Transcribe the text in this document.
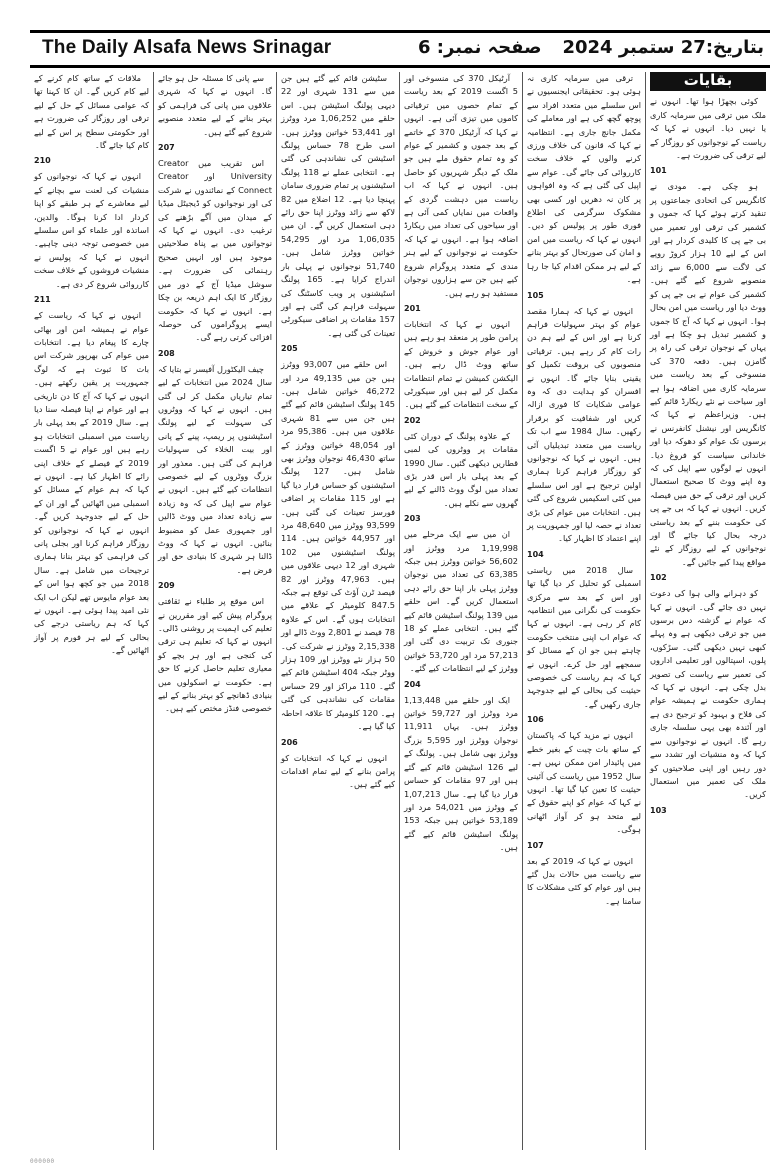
The Daily Alsafa News Srinagar	صفحہ نمبر: 6 بتاریخ:27 ستمبر 2024
بقایات

کوئی بچھڑا ہوا تھا۔ انہوں نے ملک میں ترقی میں سرمایہ کاری یا نہیں دیا۔ انہوں نے کہا کہ ریاست کے نوجوانوں کو روزگار کے لیے ترقی کی ضرورت ہے۔

101

ہو چکی ہے۔ مودی نے کانگریس کی اتحادی جماعتوں پر تنقید کرتے ہوئے کہا کہ جموں و کشمیر کی ترقی اور تعمیر میں بی جے پی کا کلیدی کردار ہے اور اس کے لیے 10 ہزار کروڑ روپے کی لاگت سے 6,000 سے زائد منصوبے شروع کیے گئے ہیں۔ کشمیر کی عوام نے بی جے پی کو ووٹ دیا اور ریاست میں امن بحال ہوا۔ انہوں نے کہا کہ آج کا جموں و کشمیر تبدیل ہو چکا ہے اور یہاں کے نوجوان ترقی کی راہ پر گامزن ہیں۔ دفعہ 370 کی منسوخی کے بعد ریاست میں سرمایہ کاری میں اضافہ ہوا ہے اور سیاحت نے نئے ریکارڈ قائم کیے ہیں۔ وزیراعظم نے کہا کہ کانگریس اور نیشنل کانفرنس نے برسوں تک عوام کو دھوکہ دیا اور خاندانی سیاست کو فروغ دیا۔ انہوں نے لوگوں سے اپیل کی کہ وہ اپنے ووٹ کا صحیح استعمال کریں اور ترقی کے حق میں فیصلہ کریں۔ انہوں نے کہا کہ بی جے پی کی حکومت بننے کے بعد ریاستی درجہ بحال کیا جائے گا اور نوجوانوں کے لیے روزگار کے نئے مواقع پیدا کیے جائیں گے۔

102

کو دہرانے والی ہوا کی دعوت نہیں دی جائے گی۔ انہوں نے کہا کہ عوام نے گزشتہ دس برسوں میں جو ترقی دیکھی ہے وہ پہلے کبھی نہیں دیکھی گئی۔ سڑکوں، پلوں، اسپتالوں اور تعلیمی اداروں کی تعمیر سے ریاست کی تصویر بدل چکی ہے۔ انہوں نے کہا کہ ہماری حکومت نے ہمیشہ عوام کی فلاح و بہبود کو ترجیح دی ہے اور آئندہ بھی یہی سلسلہ جاری رہے گا۔ انہوں نے نوجوانوں سے کہا کہ وہ منشیات اور تشدد سے دور رہیں اور اپنی صلاحیتوں کو ملک کی تعمیر میں استعمال کریں۔

103

ترقی میں سرمایہ کاری نہ ہوئی ہو۔ تحقیقاتی ایجنسیوں نے اس سلسلے میں متعدد افراد سے پوچھ گچھ کی ہے اور معاملے کی مکمل جانچ جاری ہے۔ انتظامیہ نے کہا کہ قانون کی خلاف ورزی کرنے والوں کے خلاف سخت کارروائی کی جائے گی۔ عوام سے اپیل کی گئی ہے کہ وہ افواہوں پر کان نہ دھریں اور کسی بھی مشکوک سرگرمی کی اطلاع فوری طور پر پولیس کو دیں۔ انہوں نے کہا کہ ریاست میں امن و امان کی صورتحال کو بہتر بنانے کے لیے ہر ممکن اقدام کیا جا رہا ہے۔

105

انہوں نے کہا کہ ہمارا مقصد عوام کو بہتر سہولیات فراہم کرنا ہے اور اس کے لیے ہم دن رات کام کر رہے ہیں۔ ترقیاتی منصوبوں کی بروقت تکمیل کو یقینی بنایا جائے گا۔ انہوں نے افسران کو ہدایت دی کہ وہ عوامی شکایات کا فوری ازالہ کریں اور شفافیت کو برقرار رکھیں۔ سال 1984 سے اب تک ریاست میں متعدد تبدیلیاں آئی ہیں۔ انہوں نے کہا کہ نوجوانوں کو روزگار فراہم کرنا ہماری اولین ترجیح ہے اور اس سلسلے میں کئی اسکیمیں شروع کی گئی ہیں۔ انتخابات میں عوام کی بڑی تعداد نے حصہ لیا اور جمہوریت پر اپنے اعتماد کا اظہار کیا۔

104

سال 2018 میں ریاستی اسمبلی کو تحلیل کر دیا گیا تھا اور اس کے بعد سے مرکزی حکومت کی نگرانی میں انتظامیہ کام کر رہی ہے۔ انہوں نے کہا کہ عوام اب اپنی منتخب حکومت چاہتے ہیں جو ان کے مسائل کو سمجھے اور حل کرے۔ انہوں نے کہا کہ ہم ریاست کی خصوصی حیثیت کی بحالی کے لیے جدوجہد جاری رکھیں گے۔

106

انہوں نے مزید کہا کہ پاکستان کے ساتھ بات چیت کے بغیر خطے میں پائیدار امن ممکن نہیں ہے۔ سال 1952 میں ریاست کی آئینی حیثیت کا تعین کیا گیا تھا۔ انہوں نے کہا کہ عوام کو اپنے حقوق کے لیے متحد ہو کر آواز اٹھانی ہوگی۔

107

انہوں نے کہا کہ 2019 کے بعد سے ریاست میں حالات بدل گئے ہیں اور عوام کو کئی مشکلات کا سامنا ہے۔

آرٹیکل 370 کی منسوخی اور 5 اگست 2019 کے بعد ریاست کے تمام حصوں میں ترقیاتی کاموں میں تیزی آئی ہے۔ انہوں نے کہا کہ آرٹیکل 370 کے خاتمے کے بعد جموں و کشمیر کے عوام کو وہ تمام حقوق ملے ہیں جو ملک کے دیگر شہریوں کو حاصل ہیں۔ انہوں نے کہا کہ اب ریاست میں دہشت گردی کے واقعات میں نمایاں کمی آئی ہے اور سیاحوں کی تعداد میں ریکارڈ اضافہ ہوا ہے۔ انہوں نے کہا کہ حکومت نے نوجوانوں کے لیے ہنر مندی کے متعدد پروگرام شروع کیے ہیں جن سے ہزاروں نوجوان مستفید ہو رہے ہیں۔

201

انہوں نے کہا کہ انتخابات پرامن طور پر منعقد ہو رہے ہیں اور عوام جوش و خروش کے ساتھ ووٹ ڈال رہے ہیں۔ الیکشن کمیشن نے تمام انتظامات مکمل کر لیے ہیں اور سیکورٹی کے سخت انتظامات کیے گئے ہیں۔

202

کے علاوہ پولنگ کے دوران کئی مقامات پر ووٹروں کی لمبی قطاریں دیکھی گئیں۔ سال 1990 کے بعد پہلی بار اس قدر بڑی تعداد میں لوگ ووٹ ڈالنے کے لیے گھروں سے نکلے ہیں۔

203

ان میں سے ایک مرحلے میں 1,19,998 مرد ووٹرز اور 56,602 خواتین ووٹرز ہیں جبکہ 63,385 کی تعداد میں نوجوان ووٹرز پہلی بار اپنا حق رائے دہی استعمال کریں گے۔ اس حلقے میں 139 پولنگ اسٹیشن قائم کیے گئے ہیں۔ انتخابی عملے کو 18 جنوری تک تربیت دی گئی اور 57,213 مرد اور 53,720 خواتین ووٹرز کے لیے انتظامات کیے گئے۔

204

ایک اور حلقے میں 1,13,448 مرد ووٹرز اور 59,727 خواتین ووٹرز ہیں۔ یہاں 11,911 نوجوان ووٹرز اور 5,595 بزرگ ووٹرز بھی شامل ہیں۔ پولنگ کے لیے 126 اسٹیشن قائم کیے گئے ہیں اور 97 مقامات کو حساس قرار دیا گیا ہے۔ سال 1,07,213 کے ووٹرز میں 54,021 مرد اور 53,189 خواتین ہیں جبکہ 153 پولنگ اسٹیشن قائم کیے گئے ہیں۔

سٹیشن قائم کیے گئے ہیں جن میں سے 131 شہری اور 22 دیہی پولنگ اسٹیشن ہیں۔ اس حلقے میں 1,06,252 مرد ووٹرز اور 53,441 خواتین ووٹرز ہیں۔ اسی طرح 78 حساس پولنگ اسٹیشن کی نشاندہی کی گئی ہے۔ انتخابی عملے نے 118 پولنگ اسٹیشنوں پر تمام ضروری سامان پہنچا دیا ہے۔ 12 اضلاع میں 82 لاکھ سے زائد ووٹرز اپنا حق رائے دہی استعمال کریں گے۔ ان میں 1,06,035 مرد اور 54,295 خواتین ووٹرز شامل ہیں۔ 51,740 نوجوانوں نے پہلی بار اندراج کرایا ہے۔ 165 پولنگ اسٹیشنوں پر ویب کاسٹنگ کی سہولت فراہم کی گئی ہے اور 157 مقامات پر اضافی سیکورٹی تعینات کی گئی ہے۔

205

اس حلقے میں 93,007 ووٹرز ہیں جن میں 49,135 مرد اور 46,272 خواتین شامل ہیں۔ 145 پولنگ اسٹیشن قائم کیے گئے ہیں جن میں سے 81 شہری علاقوں میں ہیں۔ 95,386 مرد اور 48,054 خواتین ووٹرز کے ساتھ 46,430 نوجوان ووٹرز بھی شامل ہیں۔ 127 پولنگ اسٹیشنوں کو حساس قرار دیا گیا ہے اور 115 مقامات پر اضافی فورسز تعینات کی گئی ہیں۔ 93,599 ووٹرز میں 48,640 مرد اور 44,957 خواتین ہیں۔ 114 پولنگ اسٹیشنوں میں 102 شہری اور 12 دیہی علاقوں میں ہیں۔ 47,963 ووٹرز اور 82 فیصد ٹرن آؤٹ کی توقع ہے جبکہ 847.5 کلومیٹر کے علاقے میں انتخابات ہوں گے۔ اس کے علاوہ 78 فیصد نے 2,801 ووٹ ڈالے اور 2,15,338 ووٹرز نے شرکت کی۔ 50 ہزار نئے ووٹرز اور 109 ہزار ووٹر جبکہ 404 اسٹیشن قائم کیے گئے۔ 110 مراکز اور 29 حساس مقامات کی نشاندہی کی گئی ہے۔ 120 کلومیٹر کا علاقہ احاطہ کیا گیا ہے۔

206

انہوں نے کہا کہ انتخابات کو پرامن بنانے کے لیے تمام اقدامات کیے گئے ہیں۔

سے پانی کا مسئلہ حل ہو جائے گا۔ انہوں نے کہا کہ شہری علاقوں میں پانی کی فراہمی کو بہتر بنانے کے لیے متعدد منصوبے شروع کیے گئے ہیں۔

207

اس تقریب میں Creator University اور Creator Connect کے نمائندوں نے شرکت کی اور نوجوانوں کو ڈیجیٹل میڈیا کے میدان میں آگے بڑھنے کی ترغیب دی۔ انہوں نے کہا کہ نوجوانوں میں بے پناہ صلاحیتیں موجود ہیں اور انہیں صحیح رہنمائی کی ضرورت ہے۔ سوشل میڈیا آج کے دور میں روزگار کا ایک اہم ذریعہ بن چکا ہے۔ انہوں نے کہا کہ حکومت ایسے پروگراموں کی حوصلہ افزائی کرتی رہے گی۔

208

چیف الیکٹورل آفیسر نے بتایا کہ سال 2024 میں انتخابات کے لیے تمام تیاریاں مکمل کر لی گئی ہیں۔ انہوں نے کہا کہ ووٹروں کی سہولت کے لیے پولنگ اسٹیشنوں پر ریمپ، پینے کے پانی اور بیت الخلاء کی سہولیات فراہم کی گئی ہیں۔ معذور اور بزرگ ووٹروں کے لیے خصوصی انتظامات کیے گئے ہیں۔ انہوں نے عوام سے اپیل کی کہ وہ زیادہ سے زیادہ تعداد میں ووٹ ڈالیں اور جمہوری عمل کو مضبوط بنائیں۔ انہوں نے کہا کہ ووٹ ڈالنا ہر شہری کا بنیادی حق اور فرض ہے۔

209

اس موقع پر طلباء نے ثقافتی پروگرام پیش کیے اور مقررین نے تعلیم کی اہمیت پر روشنی ڈالی۔ انہوں نے کہا کہ تعلیم ہی ترقی کی کنجی ہے اور ہر بچے کو معیاری تعلیم حاصل کرنے کا حق ہے۔ حکومت نے اسکولوں میں بنیادی ڈھانچے کو بہتر بنانے کے لیے خصوصی فنڈز مختص کیے ہیں۔

ملاقات کے ساتھ کام کرنے کے لیے کام کریں گے۔ ان کا کہنا تھا کہ عوامی مسائل کے حل کے لیے ترقی اور روزگار کی ضرورت ہے اور حکومتی سطح پر اس کے لیے کام کیا جائے گا۔

210

انہوں نے کہا کہ نوجوانوں کو منشیات کی لعنت سے بچانے کے لیے معاشرے کے ہر طبقے کو اپنا کردار ادا کرنا ہوگا۔ والدین، اساتذہ اور علماء کو اس سلسلے میں خصوصی توجہ دینی چاہیے۔ انہوں نے کہا کہ پولیس نے منشیات فروشوں کے خلاف سخت کارروائی شروع کر دی ہے۔

211

انہوں نے کہا کہ ریاست کے عوام نے ہمیشہ امن اور بھائی چارے کا پیغام دیا ہے۔ انتخابات میں عوام کی بھرپور شرکت اس بات کا ثبوت ہے کہ لوگ جمہوریت پر یقین رکھتے ہیں۔ انہوں نے کہا کہ آج کا دن تاریخی ہے اور عوام نے اپنا فیصلہ سنا دیا ہے۔ سال 2019 کے بعد پہلی بار ریاست میں اسمبلی انتخابات ہو رہے ہیں اور عوام نے 5 اگست 2019 کے فیصلے کے خلاف اپنی رائے کا اظہار کیا ہے۔ انہوں نے کہا کہ ہم عوام کے مسائل کو اسمبلی میں اٹھائیں گے اور ان کے حل کے لیے جدوجہد کریں گے۔ انہوں نے کہا کہ نوجوانوں کو روزگار فراہم کرنا اور بجلی پانی کی فراہمی کو بہتر بنانا ہماری ترجیحات میں شامل ہے۔ سال 2018 میں جو کچھ ہوا اس کے بعد عوام مایوس تھے لیکن اب ایک نئی امید پیدا ہوئی ہے۔ انہوں نے کہا کہ ہم ریاستی درجے کی بحالی کے لیے ہر فورم پر آواز اٹھائیں گے۔

000000
